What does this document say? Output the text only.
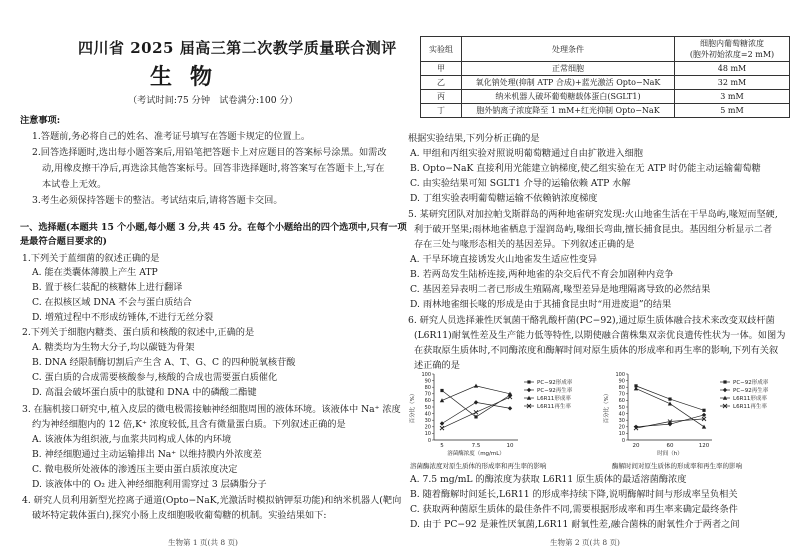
四川省 2025 届高三第二次教学质量联合测评
生物
（考试时间:75 分钟　试卷满分:100 分）
注意事项:
1.答题前,务必将自己的姓名、准考证号填写在答题卡规定的位置上。
2.回答选择题时,选出每小题答案后,用铅笔把答题卡上对应题目的答案标号涂黑。如需改
动,用橡皮擦干净后,再选涂其他答案标号。回答非选择题时,将答案写在答题卡上,写在
本试卷上无效。
3.考生必须保持答题卡的整洁。考试结束后,请将答题卡交回。
一、选择题(本题共 15 个小题,每小题 3 分,共 45 分。在每个小题给出的四个选项中,只有一项
是最符合题目要求的)
1.下列关于蓝细菌的叙述正确的是
A. 能在类囊体薄膜上产生 ATP
B. 置于核仁装配的核糖体上进行翻译
C. 在拟核区域 DNA 不会与蛋白质结合
D. 增殖过程中不形成纺锤体,不进行无丝分裂
2.下列关于细胞内糖类、蛋白质和核酸的叙述中,正确的是
A. 糖类均为生物大分子,均以碳链为骨架
B. DNA 经限制酶切割后产生含 A、T、G、C 的四种脱氧核苷酸
C. 蛋白质的合成需要核酸参与,核酸的合成也需要蛋白质催化
D. 高温会破坏蛋白质中的肽键和 DNA 中的磷酸二酯键
3. 在脑机接口研究中,植入皮层的微电极需接触神经细胞周围的液体环境。该液体中 Na⁺ 浓度
约为神经细胞内的 12 倍,K⁺ 浓度较低,且含有微量蛋白质。下列叙述正确的是
A. 该液体为组织液,与血浆共同构成人体的内环境
B. 神经细胞通过主动运输排出 Na⁺ 以维持膜内外浓度差
C. 微电极所处液体的渗透压主要由蛋白质浓度决定
D. 该液体中的 O₂ 进入神经细胞利用需穿过 3 层磷脂分子
4. 研究人员利用新型光控离子通道(Opto−NaK,光激活时模拟钠钾泵功能)和纳米机器人(靶向
破坏特定载体蛋白),探究小肠上皮细胞吸收葡萄糖的机制。实验结果如下:
生物第 1 页(共 8 页)
实验组	处理条件	细胞内葡萄糖浓度
(胞外初始浓度=2 mM)

甲	正常细胞	48 mM
乙	氧化钠处理(抑制 ATP 合成)+蓝光激活 Opto−NaK	32 mM
丙	纳米机器人破坏葡萄糖载体蛋白(SGLT1)	3 mM
丁	胞外钠离子浓度降至 1 mM+红光抑制 Opto−NaK	5 mM
根据实验结果,下列分析正确的是
A. 甲组和丙组实验对照说明葡萄糖通过自由扩散进入细胞
B. Opto−NaK 直接利用光能建立钠梯度,使乙组实验在无 ATP 时仍能主动运输葡萄糖
C. 由实验结果可知 SGLT1 介导的运输依赖 ATP 水解
D. 丁组实验表明葡萄糖运输不依赖钠浓度梯度
5. 某研究团队对加拉帕戈斯群岛的两种地雀研究发现:火山地雀生活在干旱岛屿,喙短而坚硬,
利于破开坚果;雨林地雀栖息于湿润岛屿,喙细长弯曲,擅长捕食昆虫。基因组分析显示二者
存在三处与喙形态相关的基因差异。下列叙述正确的是
A. 干旱环境直接诱发火山地雀发生适应性变异
B. 若两岛发生陆桥连接,两种地雀的杂交后代不育会加剧种内竞争
C. 基因差异表明二者已形成生殖隔离,喙型差异是地理隔离导致的必然结果
D. 雨林地雀细长喙的形成是由于其捕食昆虫时“用进废退”的结果
6. 研究人员选择兼性厌氧菌干酪乳酸杆菌(PC−92),通过原生质体融合技术来改变双歧杆菌
(L6R11)耐氧性差及生产能力低等特性,以期使融合菌株集双亲优良遗传性状为一体。如图为
在获取原生质体时,不同酶浓度和酶解时间对原生质体的形成率和再生率的影响,下列有关叙
述正确的是
0
10
20
30
40
50
60
70
80
90
100
5	7.5	10
百分比（%）
溶菌酶浓度（mg/mL）
PC−92形成率
PC−92再生率
L6R11形成率
L6R11再生率
0
10
20
30
40
50
60
70
80
90
100
20	60	120
百分比（%）
时间（h）
PC−92形成率
PC−92再生率
L6R11形成率
L6R11再生率
溶菌酶浓度对原生质体的形成率和再生率的影响	酶解时间对原生质体的形成率和再生率的影响
A. 7.5 mg/mL 的酶浓度为获取 L6R11 原生质体的最适溶菌酶浓度
B. 随着酶解时间延长,L6R11 的形成率持续下降,说明酶解时间与形成率呈负相关
C. 获取两种菌原生质体的最佳条件不同,需要根据形成率和再生率来确定最终条件
D. 由于 PC−92 是兼性厌氧菌,L6R11 耐氧性差,融合菌株的耐氧性介于两者之间
生物第 2 页(共 8 页)
